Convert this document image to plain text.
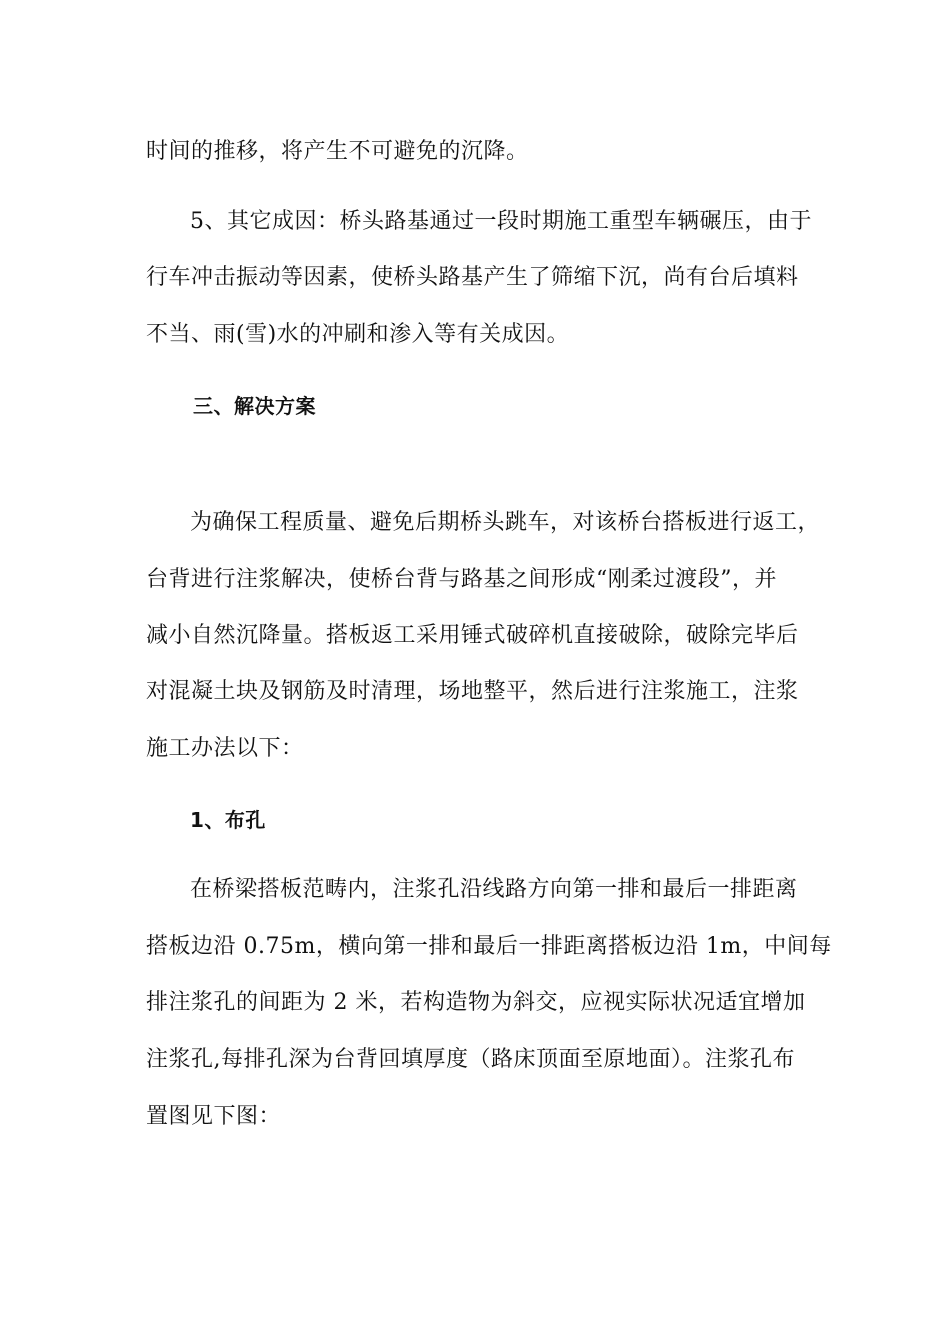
时间的推移，将产生不可避免的沉降。
5、其它成因：桥头路基通过一段时期施工重型车辆碾压，由于
行车冲击振动等因素，使桥头路基产生了筛缩下沉，尚有台后填料
不当、雨(雪)水的冲刷和渗入等有关成因。
三、解决方案
为确保工程质量、避免后期桥头跳车，对该桥台搭板进行返工，
台背进行注浆解决，使桥台背与路基之间形成“刚柔过渡段”，并
减小自然沉降量。搭板返工采用锤式破碎机直接破除，破除完毕后
对混凝土块及钢筋及时清理，场地整平，然后进行注浆施工，注浆
施工办法以下：
1、布孔
在桥梁搭板范畴内，注浆孔沿线路方向第一排和最后一排距离
搭板边沿 0.75m，横向第一排和最后一排距离搭板边沿 1m，中间每
排注浆孔的间距为 2 米，若构造物为斜交，应视实际状况适宜增加
注浆孔,每排孔深为台背回填厚度（路床顶面至原地面）。注浆孔布
置图见下图：
